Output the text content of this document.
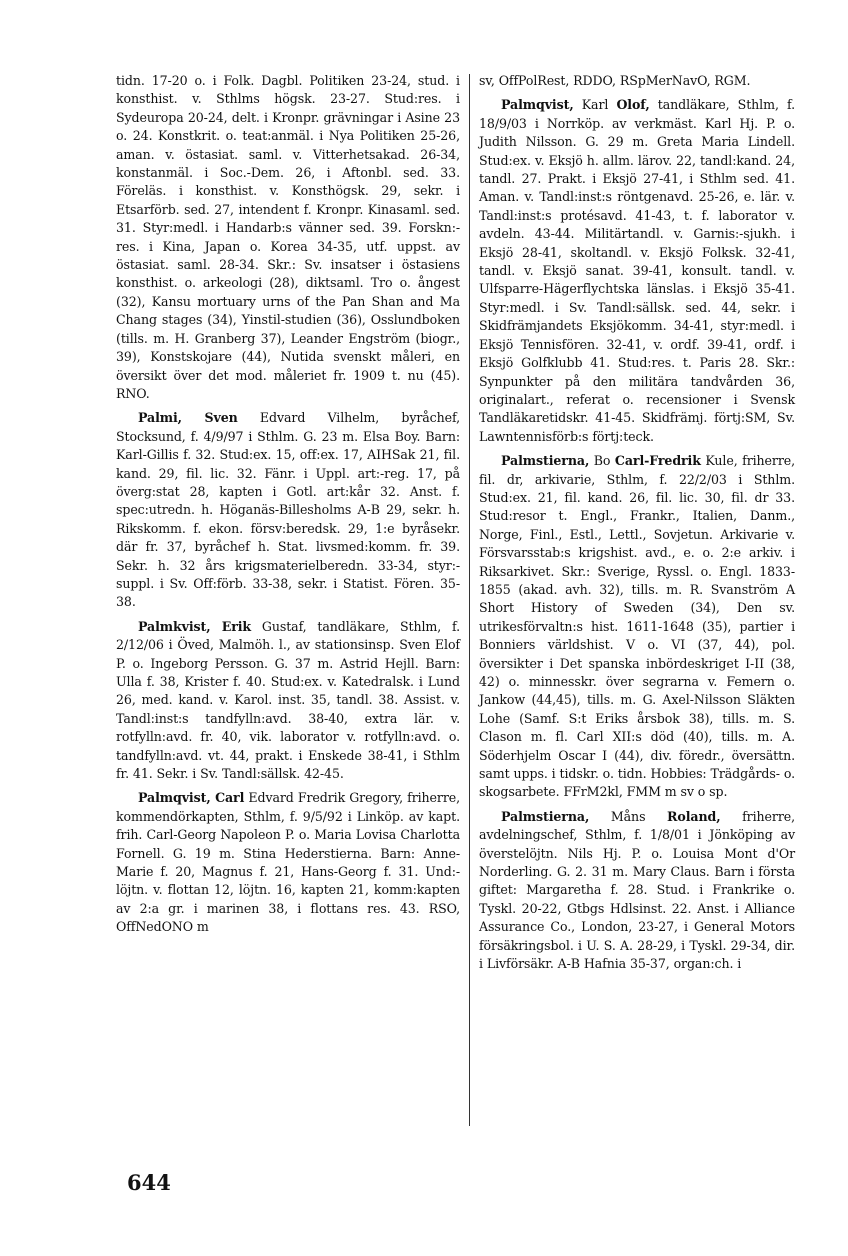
tidn. 17-20 o. i Folk. Dagbl. Politiken 23-24, stud. i konsthist. v. Sthlms högsk. 23-27. Stud:res. i Sydeuropa 20-24, delt. i Kronpr. grävningar i Asine 23 o. 24. Konstkrit. o. teat:anmäl. i Nya Politiken 25-26, aman. v. östasiat. saml. v. Vitterhetsakad. 26-34, konstanmäl. i Soc.-Dem. 26, i Aftonbl. sed. 33. Föreläs. i konsthist. v. Konsthögsk. 29, sekr. i Etsarförb. sed. 27, intendent f. Kronpr. Kinasaml. sed. 31. Styr:medl. i Handarb:s vänner sed. 39. Forskn:-res. i Kina, Japan o. Korea 34-35, utf. uppst. av östasiat. saml. 28-34. Skr.: Sv. insatser i östasiens konsthist. o. arkeologi (28), diktsaml. Tro o. ångest (32), Kansu mortuary urns of the Pan Shan and Ma Chang stages (34), Yinstil-studien (36), Osslundboken (tills. m. H. Granberg 37), Leander Engström (biogr., 39), Konstskojare (44), Nutida svenskt måleri, en översikt över det mod. måleriet fr. 1909 t. nu (45). RNO.

Palmi, Sven Edvard Vilhelm, byråchef, Stocksund, f. 4/9/97 i Sthlm. G. 23 m. Elsa Boy. Barn: Karl-Gillis f. 32. Stud:ex. 15, off:ex. 17, AIHSak 21, fil. kand. 29, fil. lic. 32. Fänr. i Uppl. art:-reg. 17, på överg:stat 28, kapten i Gotl. art:kår 32. Anst. f. spec:utredn. h. Höganäs-Billesholms A-B 29, sekr. h. Rikskomm. f. ekon. försv:beredsk. 29, 1:e byråsekr. där fr. 37, byråchef h. Stat. livsmed:komm. fr. 39. Sekr. h. 32 års krigsmaterielberedn. 33-34, styr:-suppl. i Sv. Off:förb. 33-38, sekr. i Statist. Fören. 35-38.

Palmkvist, Erik Gustaf, tandläkare, Sthlm, f. 2/12/06 i Öved, Malmöh. l., av stationsinsp. Sven Elof P. o. Ingeborg Persson. G. 37 m. Astrid Hejll. Barn: Ulla f. 38, Krister f. 40. Stud:ex. v. Katedralsk. i Lund 26, med. kand. v. Karol. inst. 35, tandl. 38. Assist. v. Tandl:inst:s tandfylln:avd. 38-40, extra lär. v. rotfylln:avd. fr. 40, vik. laborator v. rotfylln:avd. o. tandfylln:avd. vt. 44, prakt. i Enskede 38-41, i Sthlm fr. 41. Sekr. i Sv. Tandl:sällsk. 42-45.

Palmqvist, Carl Edvard Fredrik Gregory, friherre, kommendörkapten, Sthlm, f. 9/5/92 i Linköp. av kapt. frih. Carl-Georg Napoleon P. o. Maria Lovisa Charlotta Fornell. G. 19 m. Stina Hederstierna. Barn: Anne-Marie f. 20, Magnus f. 21, Hans-Georg f. 31. Und:-löjtn. v. flottan 12, löjtn. 16, kapten 21, komm:kapten av 2:a gr. i marinen 38, i flottans res. 43. RSO, OffNedONO m

sv, OffPolRest, RDDO, RSpMerNavO, RGM.

Palmqvist, Karl Olof, tandläkare, Sthlm, f. 18/9/03 i Norrköp. av verkmäst. Karl Hj. P. o. Judith Nilsson. G. 29 m. Greta Maria Lindell. Stud:ex. v. Eksjö h. allm. lärov. 22, tandl:kand. 24, tandl. 27. Prakt. i Eksjö 27-41, i Sthlm sed. 41. Aman. v. Tandl:inst:s röntgenavd. 25-26, e. lär. v. Tandl:inst:s protésavd. 41-43, t. f. laborator v. avdeln. 43-44. Militärtandl. v. Garnis:-sjukh. i Eksjö 28-41, skoltandl. v. Eksjö Folksk. 32-41, tandl. v. Eksjö sanat. 39-41, konsult. tandl. v. Ulfsparre-Hägerflychtska länslas. i Eksjö 35-41. Styr:medl. i Sv. Tandl:sällsk. sed. 44, sekr. i Skidfrämjandets Eksjökomm. 34-41, styr:medl. i Eksjö Tennisfören. 32-41, v. ordf. 39-41, ordf. i Eksjö Golfklubb 41. Stud:res. t. Paris 28. Skr.: Synpunkter på den militära tandvården 36, originalart., referat o. recensioner i Svensk Tandläkaretidskr. 41-45. Skidfrämj. förtj:SM, Sv. Lawntennisförb:s förtj:teck.

Palmstierna, Bo Carl-Fredrik Kule, friherre, fil. dr, arkivarie, Sthlm, f. 22/2/03 i Sthlm. Stud:ex. 21, fil. kand. 26, fil. lic. 30, fil. dr 33. Stud:resor t. Engl., Frankr., Italien, Danm., Norge, Finl., Estl., Lettl., Sovjetun. Arkivarie v. Försvarsstab:s krigshist. avd., e. o. 2:e arkiv. i Riksarkivet. Skr.: Sverige, Ryssl. o. Engl. 1833-1855 (akad. avh. 32), tills. m. R. Svanström A Short History of Sweden (34), Den sv. utrikesförvaltn:s hist. 1611-1648 (35), partier i Bonniers världshist. V o. VI (37, 44), pol. översikter i Det spanska inbördeskriget I-II (38, 42) o. minnesskr. över segrarna v. Femern o. Jankow (44,45), tills. m. G. Axel-Nilsson Släkten Lohe (Samf. S:t Eriks årsbok 38), tills. m. S. Clason m. fl. Carl XII:s död (40), tills. m. A. Söderhjelm Oscar I (44), div. föredr., översättn. samt upps. i tidskr. o. tidn. Hobbies: Trädgårds- o. skogsarbete. FFrM2kl, FMM m sv o sp.

Palmstierna, Måns Roland, friherre, avdelningschef, Sthlm, f. 1/8/01 i Jönköping av överstelöjtn. Nils Hj. P. o. Louisa Mont d'Or Norderling. G. 2. 31 m. Mary Claus. Barn i första giftet: Margaretha f. 28. Stud. i Frankrike o. Tyskl. 20-22, Gtbgs Hdlsinst. 22. Anst. i Alliance Assurance Co., London, 23-27, i General Motors försäkringsbol. i U. S. A. 28-29, i Tyskl. 29-34, dir. i Livförsäkr. A-B Hafnia 35-37, organ:ch. i

644
